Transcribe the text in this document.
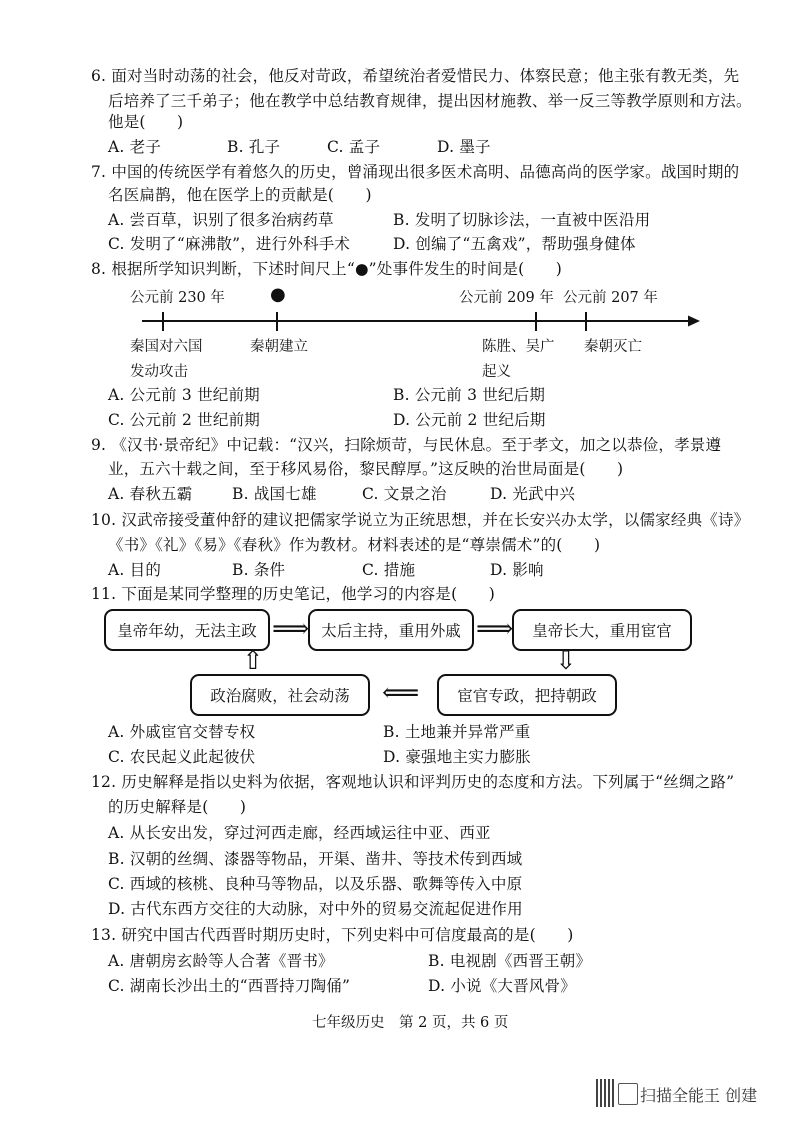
6. 面对当时动荡的社会，他反对苛政，希望统治者爱惜民力、体察民意；他主张有教无类，先
后培养了三千弟子；他在教学中总结教育规律，提出因材施教、举一反三等教学原则和方法。
他是(　　)
A. 老子	B. 孔子	C. 孟子	D. 墨子
7. 中国的传统医学有着悠久的历史，曾涌现出很多医术高明、品德高尚的医学家。战国时期的
名医扁鹊，他在医学上的贡献是(　　)
A. 尝百草，识别了很多治病药草	B. 发明了切脉诊法，一直被中医沿用
C. 发明了“麻沸散”，进行外科手术	D. 创编了“五禽戏”，帮助强身健体
8. 根据所学知识判断，下述时间尺上“●”处事件发生的时间是(　　)
公元前 230 年	●	公元前 209 年 公元前 207 年
秦国对六国
发动攻击
秦朝建立	陈胜、吴广
起义
秦朝灭亡
A. 公元前 3 世纪前期	B. 公元前 3 世纪后期
C. 公元前 2 世纪前期	D. 公元前 2 世纪后期
9. 《汉书·景帝纪》中记载：“汉兴，扫除烦苛，与民休息。至于孝文，加之以恭俭，孝景遵
业，五六十载之间，至于移风易俗，黎民醇厚。”这反映的治世局面是(　　)
A. 春秋五霸	B. 战国七雄	C. 文景之治	D. 光武中兴
10. 汉武帝接受董仲舒的建议把儒家学说立为正统思想，并在长安兴办太学，以儒家经典《诗》
《书》《礼》《易》《春秋》作为教材。材料表述的是“尊崇儒术”的(　　)
A. 目的	B. 条件	C. 措施	D. 影响
11. 下面是某同学整理的历史笔记，他学习的内容是(　　)
皇帝年幼，无法主政 ⟹ 太后主持，重用外戚 ⟹	皇帝长大，重用宦官
⇩
宦官专政，把持朝政
⟸
政治腐败，社会动荡
⇧
A. 外戚宦官交替专权	B. 土地兼并异常严重
C. 农民起义此起彼伏	D. 豪强地主实力膨胀
12. 历史解释是指以史料为依据，客观地认识和评判历史的态度和方法。下列属于“丝绸之路”
的历史解释是(　　)
A. 从长安出发，穿过河西走廊，经西域运往中亚、西亚
B. 汉朝的丝绸、漆器等物品，开渠、凿井、等技术传到西域
C. 西域的核桃、良种马等物品，以及乐器、歌舞等传入中原
D. 古代东西方交往的大动脉，对中外的贸易交流起促进作用
13. 研究中国古代西晋时期历史时，下列史料中可信度最高的是(　　)
A. 唐朝房玄龄等人合著《晋书》	B. 电视剧《西晋王朝》
C. 湖南长沙出土的“西晋持刀陶俑”	D. 小说《大晋风骨》
七年级历史　第 2 页，共 6 页
扫描全能王 创建
